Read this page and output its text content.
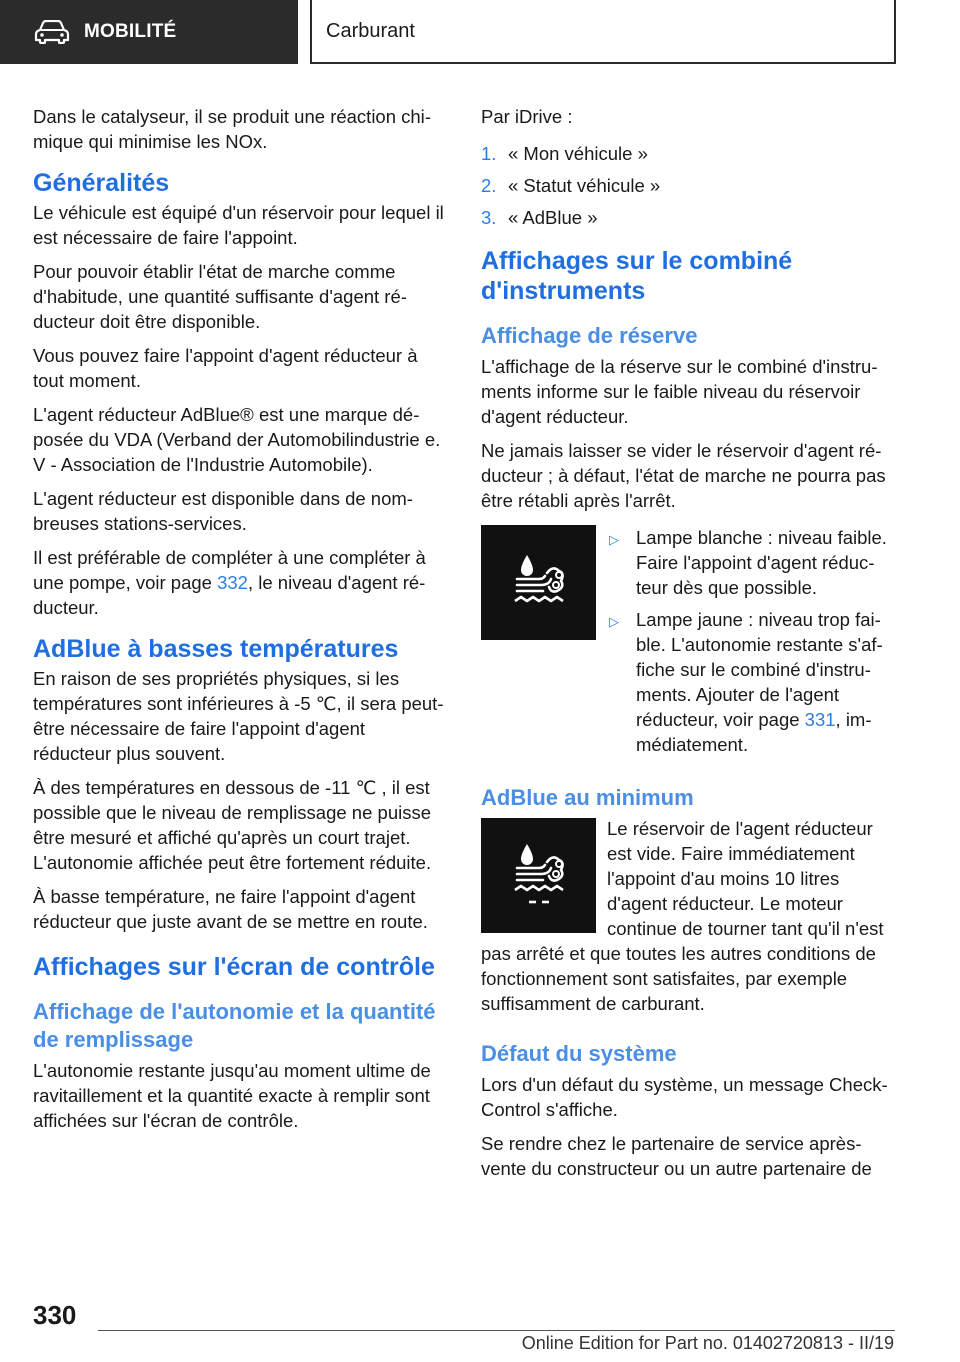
MOBILITÉ	Carburant

Dans le catalyseur, il se produit une réaction chimique qui minimise les NOx.

Généralités

Le véhicule est équipé d'un réservoir pour lequel il est nécessaire de faire l'appoint.

Pour pouvoir établir l'état de marche comme d'habitude, une quantité suffisante d'agent réducteur doit être disponible.

Vous pouvez faire l'appoint d'agent réducteur à tout moment.

L'agent réducteur AdBlue® est une marque déposée du VDA (Verband der Automobilindustrie e. V - Association de l'Industrie Automobile).

L'agent réducteur est disponible dans de nombreuses stations-services.

Il est préférable de compléter à une compléter à une pompe, voir page 332, le niveau d'agent réducteur.

AdBlue à basses températures

En raison de ses propriétés physiques, si les températures sont inférieures à -5 ℃, il sera peut-être nécessaire de faire l'appoint d'agent réducteur plus souvent.

À des températures en dessous de -11 ℃ , il est possible que le niveau de remplissage ne puisse être mesuré et affiché qu'après un court trajet. L'autonomie affichée peut être fortement réduite.

À basse température, ne faire l'appoint d'agent réducteur que juste avant de se mettre en route.

Affichages sur l'écran de contrôle
Affichage de l'autonomie et la quantité de remplissage

L'autonomie restante jusqu'au moment ultime de ravitaillement et la quantité exacte à remplir sont affichées sur l'écran de contrôle.

Par iDrive :

1. « Mon véhicule »
2. « Statut véhicule »
3. « AdBlue »
Affichages sur le combiné d'instruments
Affichage de réserve

L'affichage de la réserve sur le combiné d'instruments informe sur le faible niveau du réservoir d'agent réducteur.

Ne jamais laisser se vider le réservoir d'agent réducteur ; à défaut, l'état de marche ne pourra pas être rétabli après l'arrêt.

▷ Lampe blanche : niveau faible. Faire l'appoint d'agent réducteur dès que possible.
▷ Lampe jaune : niveau trop faible. L'autonomie restante s'affiche sur le combiné d'instruments. Ajouter de l'agent réducteur, voir page 331, immédiatement.
AdBlue au minimum

Le réservoir de l'agent réducteur est vide. Faire immédiatement l'appoint d'au moins 10 litres d'agent réducteur. Le moteur continue de tourner tant qu'il n'est pas arrêté et que toutes les autres conditions de fonctionnement sont satisfaites, par exemple suffisamment de carburant.

Défaut du système

Lors d'un défaut du système, un message Check-Control s'affiche.

Se rendre chez le partenaire de service après-vente du constructeur ou un autre partenaire de

330
Online Edition for Part no. 01402720813 - II/19
